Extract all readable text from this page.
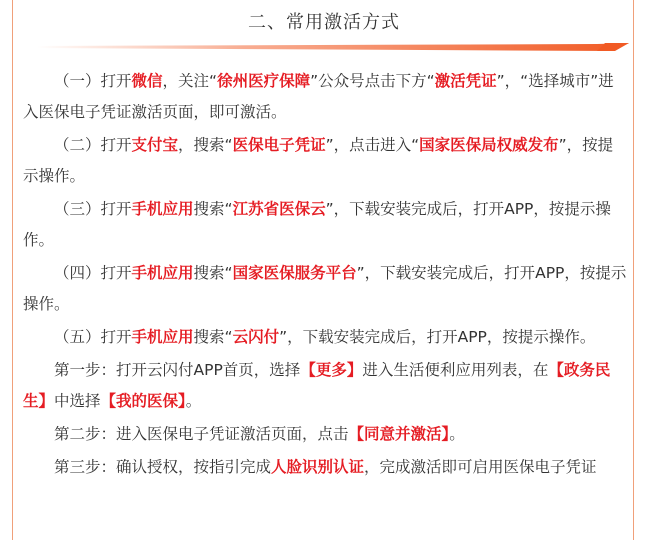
二、常用激活方式

（一）打开微信，关注“徐州医疗保障”公众号点击下方“激活凭证”，“选择城市”进入医保电子凭证激活页面，即可激活。

（二）打开支付宝，搜索“医保电子凭证”，点击进入“国家医保局权威发布”，按提示操作。

（三）打开手机应用搜索“江苏省医保云”，下载安装完成后，打开APP，按提示操作。

（四）打开手机应用搜索“国家医保服务平台”，下载安装完成后，打开APP，按提示操作。

（五）打开手机应用搜索“云闪付”，下载安装完成后，打开APP，按提示操作。

第一步：打开云闪付APP首页，选择【更多】进入生活便利应用列表，在【政务民生】中选择【我的医保】。

第二步：进入医保电子凭证激活页面，点击【同意并激活】。

第三步：确认授权，按指引完成人脸识别认证，完成激活即可启用医保电子凭证
